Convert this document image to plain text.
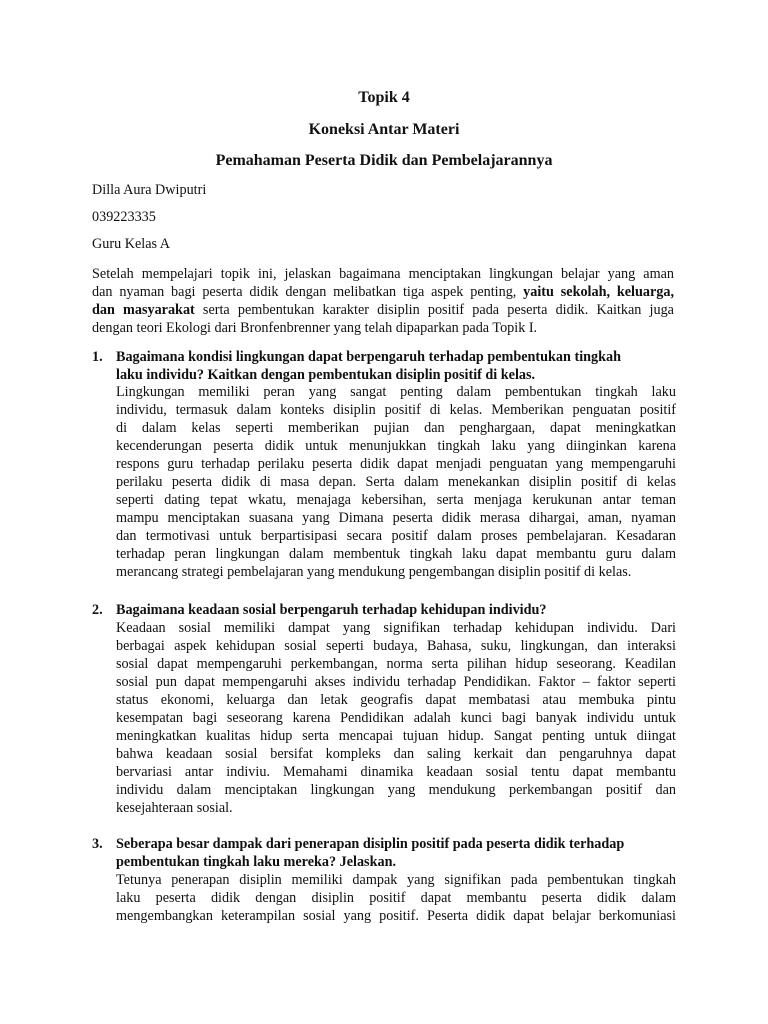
Topik 4
Koneksi Antar Materi
Pemahaman Peserta Didik dan Pembelajarannya
Dilla Aura Dwiputri
039223335
Guru Kelas A
Setelah mempelajari topik ini, jelaskan bagaimana menciptakan lingkungan belajar yang aman
dan nyaman bagi peserta didik dengan melibatkan tiga aspek penting, yaitu sekolah, keluarga,
dan masyarakat serta pembentukan karakter disiplin positif pada peserta didik. Kaitkan juga
dengan teori Ekologi dari Bronfenbrenner yang telah dipaparkan pada Topik I.
1. Bagaimana kondisi lingkungan dapat berpengaruh terhadap pembentukan tingkah
laku individu? Kaitkan dengan pembentukan disiplin positif di kelas.
Lingkungan memiliki peran yang sangat penting dalam pembentukan tingkah laku
individu, termasuk dalam konteks disiplin positif di kelas. Memberikan penguatan positif
di dalam kelas seperti memberikan pujian dan penghargaan, dapat meningkatkan
kecenderungan peserta didik untuk menunjukkan tingkah laku yang diinginkan karena
respons guru terhadap perilaku peserta didik dapat menjadi penguatan yang mempengaruhi
perilaku peserta didik di masa depan. Serta dalam menekankan disiplin positif di kelas
seperti dating tepat wkatu, menajaga kebersihan, serta menjaga kerukunan antar teman
mampu menciptakan suasana yang Dimana peserta didik merasa dihargai, aman, nyaman
dan termotivasi untuk berpartisipasi secara positif dalam proses pembelajaran. Kesadaran
terhadap peran lingkungan dalam membentuk tingkah laku dapat membantu guru dalam
merancang strategi pembelajaran yang mendukung pengembangan disiplin positif di kelas.
2. Bagaimana keadaan sosial berpengaruh terhadap kehidupan individu?
Keadaan sosial memiliki dampat yang signifikan terhadap kehidupan individu. Dari
berbagai aspek kehidupan sosial seperti budaya, Bahasa, suku, lingkungan, dan interaksi
sosial dapat mempengaruhi perkembangan, norma serta pilihan hidup seseorang. Keadilan
sosial pun dapat mempengaruhi akses individu terhadap Pendidikan. Faktor – faktor seperti
status ekonomi, keluarga dan letak geografis dapat membatasi atau membuka pintu
kesempatan bagi seseorang karena Pendidikan adalah kunci bagi banyak individu untuk
meningkatkan kualitas hidup serta mencapai tujuan hidup. Sangat penting untuk diingat
bahwa keadaan sosial bersifat kompleks dan saling kerkait dan pengaruhnya dapat
bervariasi antar indiviu. Memahami dinamika keadaan sosial tentu dapat membantu
individu dalam menciptakan lingkungan yang mendukung perkembangan positif dan
kesejahteraan sosial.
3. Seberapa besar dampak dari penerapan disiplin positif pada peserta didik terhadap
pembentukan tingkah laku mereka? Jelaskan.
Tetunya penerapan disiplin memiliki dampak yang signifikan pada pembentukan tingkah
laku peserta didik dengan disiplin positif dapat membantu peserta didik dalam
mengembangkan keterampilan sosial yang positif. Peserta didik dapat belajar berkomuniasi
